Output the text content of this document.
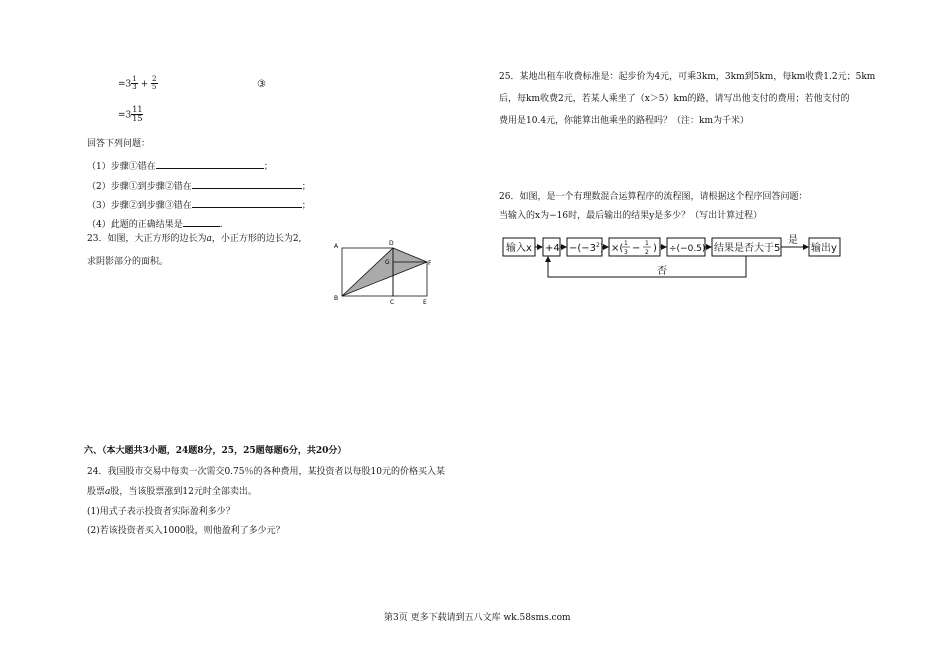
$=3 \frac{1}{3} + \frac{2}{5}$	③
$=3 \frac{11}{15}$
回答下列问题：
（1）步骤①错在	；
（2）步骤①到步骤②错在	；
（3）步骤②到步骤③错在	；
（4）此题的正确结果是	.
23．如图，大正方形的边长为a，小正方形的边长为2,
求阴影部分的面积。
A
B
C
D
E
F
G
六、（本大题共3小题，24题8分，25，25题每题6分，共20分）
24．我国股市交易中每卖一次需交0.75％的各种费用，某投资者以每股10元的价格买入某
股票a股，当该股票涨到12元时全部卖出。
(1)用式子表示投资者实际盈利多少？
(2)若该投资者买入1000股，则他盈利了多少元？
25．某地出租车收费标准是：起步价为4元，可乘3km，3km到5km，每km收费1.2元；5km
后，每km收费2元，若某人乘坐了（x＞5）km的路，请写出他支付的费用；若他支付的
费用是10.4元，你能算出他乘坐的路程吗？（注：km为千米）
26．如图，是一个有理数混合运算程序的流程图，请根据这个程序回答问题：
当输入的x为−16时，最后输出的结果y是多少？（写出计算过程）
输入$x +4 -(-3^2)$ ×( 1
3 − 1
2 ) ÷(−0.5) 结果是否大于5
是
输出y
否
第3页 更多下载请到五八文库 wk.58sms.com
